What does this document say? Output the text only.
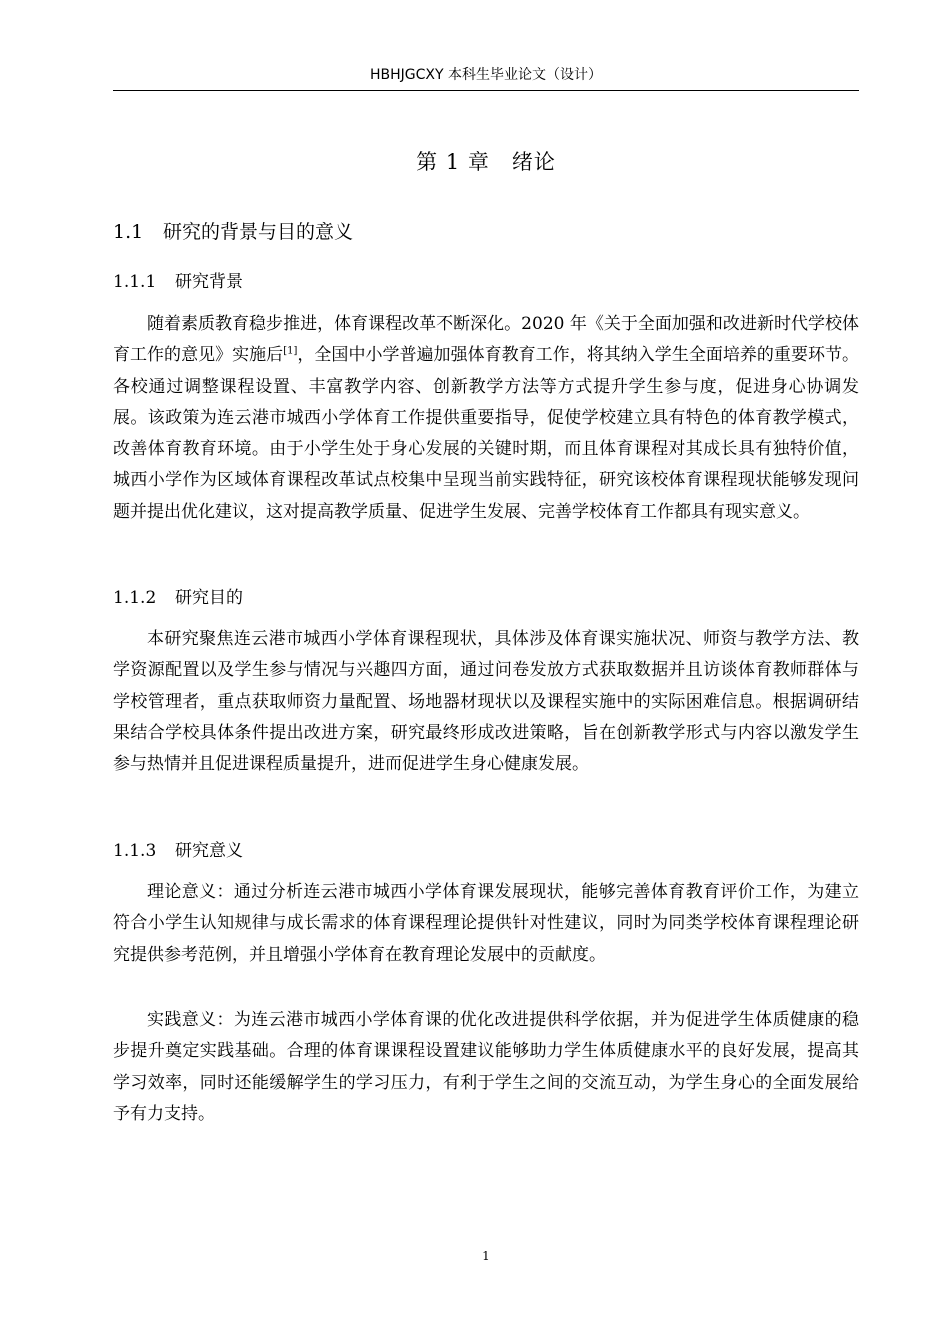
HBHJGCXY 本科生毕业论文（设计）
第 1 章 绪论
1.1 研究的背景与目的意义
1.1.1 研究背景

随着素质教育稳步推进，体育课程改革不断深化。2020 年《关于全面加强和改进新时代学校体育工作的意见》实施后[1]，全国中小学普遍加强体育教育工作，将其纳入学生全面培养的重要环节。各校通过调整课程设置、丰富教学内容、创新教学方法等方式提升学生参与度，促进身心协调发展。该政策为连云港市城西小学体育工作提供重要指导，促使学校建立具有特色的体育教学模式，改善体育教育环境。由于小学生处于身心发展的关键时期，而且体育课程对其成长具有独特价值，城西小学作为区域体育课程改革试点校集中呈现当前实践特征，研究该校体育课程现状能够发现问题并提出优化建议，这对提高教学质量、促进学生发展、完善学校体育工作都具有现实意义。

1.1.2 研究目的

本研究聚焦连云港市城西小学体育课程现状，具体涉及体育课实施状况、师资与教学方法、教学资源配置以及学生参与情况与兴趣四方面，通过问卷发放方式获取数据并且访谈体育教师群体与学校管理者，重点获取师资力量配置、场地器材现状以及课程实施中的实际困难信息。根据调研结果结合学校具体条件提出改进方案，研究最终形成改进策略，旨在创新教学形式与内容以激发学生参与热情并且促进课程质量提升，进而促进学生身心健康发展。

1.1.3 研究意义

理论意义：通过分析连云港市城西小学体育课发展现状，能够完善体育教育评价工作，为建立符合小学生认知规律与成长需求的体育课程理论提供针对性建议，同时为同类学校体育课程理论研究提供参考范例，并且增强小学体育在教育理论发展中的贡献度。

实践意义：为连云港市城西小学体育课的优化改进提供科学依据，并为促进学生体质健康的稳步提升奠定实践基础。合理的体育课课程设置建议能够助力学生体质健康水平的良好发展，提高其学习效率，同时还能缓解学生的学习压力，有利于学生之间的交流互动，为学生身心的全面发展给予有力支持。

1
